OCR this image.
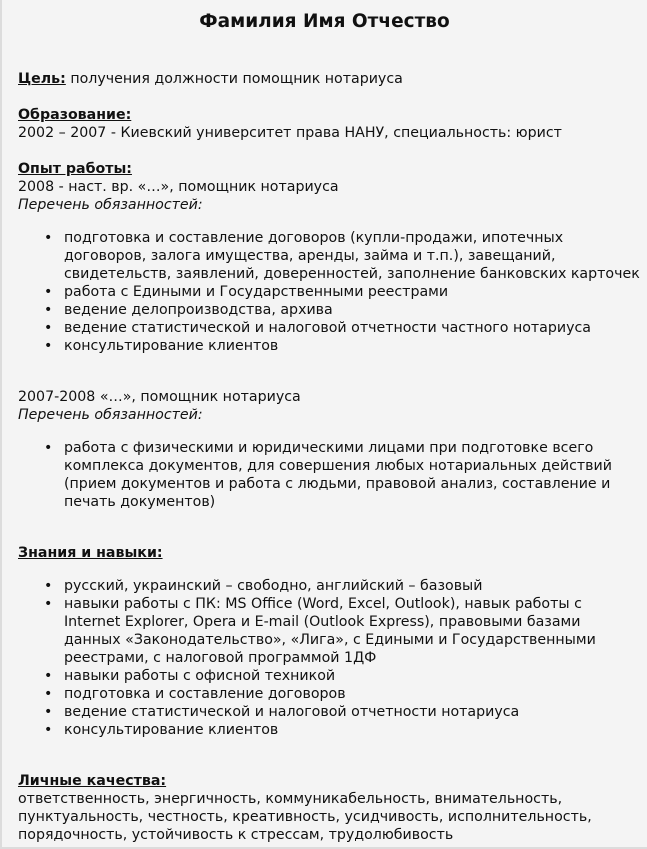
Фамилия Имя Отчество
Цель: получения должности помощник нотариуса
Образование:
2002 – 2007 - Киевский университет права НАНУ, специальность: юрист
Опыт работы:
2008 - наст. вр. «…», помощник нотариуса
Перечень обязанностей:
• подготовка и составление договоров (купли-продажи, ипотечных
договоров, залога имущества, аренды, займа и т.п.), завещаний,
свидетельств, заявлений, доверенностей, заполнение банковских карточек
• работа с Едиными и Государственными реестрами
• ведение делопроизводства, архива
• ведение статистической и налоговой отчетности частного нотариуса
• консультирование клиентов
2007-2008 «…», помощник нотариуса
Перечень обязанностей:
• работа с физическими и юридическими лицами при подготовке всего
комплекса документов, для совершения любых нотариальных действий
(прием документов и работа с людьми, правовой анализ, составление и
печать документов)
Знания и навыки:
• русский, украинский – свободно, английский – базовый
• навыки работы с ПК: MS Office (Word, Excel, Outlook), навык работы с
Internet Explorer, Opera и E-mail (Outlook Express), правовыми базами
данных «Законодательство», «Лига», с Едиными и Государственными
реестрами, с налоговой программой 1ДФ
• навыки работы с офисной техникой
• подготовка и составление договоров
• ведение статистической и налоговой отчетности нотариуса
• консультирование клиентов
Личные качества:
ответственность, энергичность, коммуникабельность, внимательность,
пунктуальность, честность, креативность, усидчивость, исполнительность,
порядочность, устойчивость к стрессам, трудолюбивость
